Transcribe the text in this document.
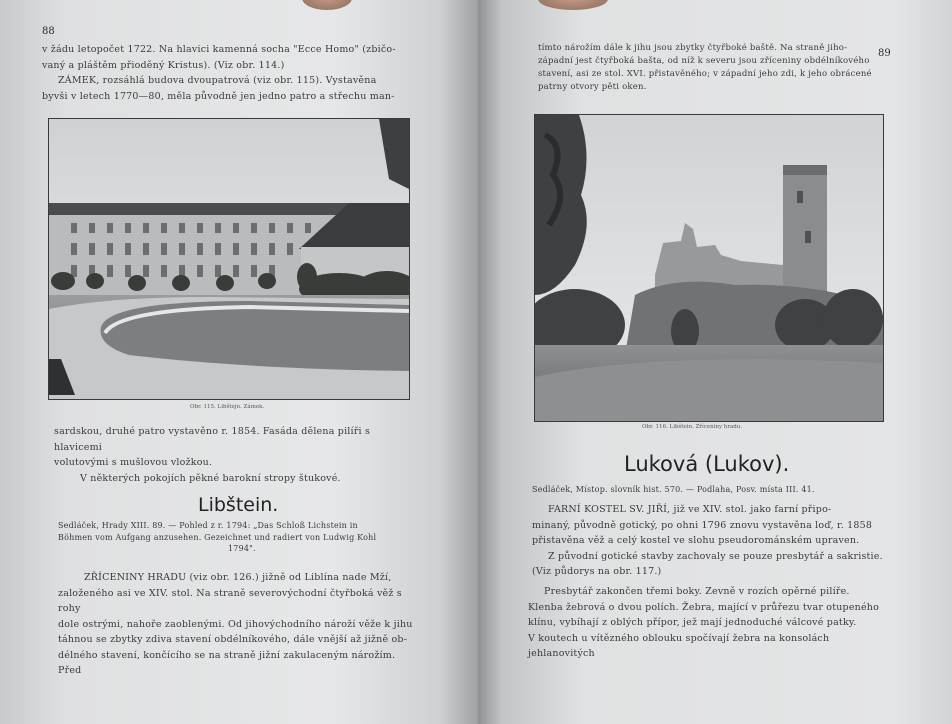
88

v žádu letopočet 1722. Na hlavici kamenná socha "Ecce Homo" (zbičo-

vaný a pláštěm přioděný Kristus). (Viz obr. 114.)

ZÁMEK, rozsáhlá budova dvoupatrová (viz obr. 115). Vystavěna

byvši v letech 1770—80, měla původně jen jedno patro a střechu man-

Obr. 115. Libštejn. Zámek.

sardskou, druhé patro vystavěno r. 1854. Fasáda dělena pilíři s hlavicemi

volutovými s mušlovou vložkou.

V některých pokojích pěkné barokní stropy štukové.

Libštein.

Sedláček, Hrady XIII. 89. — Pohled z r. 1794: „Das Schloß Lichstein in

Böhmen vom Aufgang anzusehen. Gezeichnet und radiert von Ludwig Kohl

1794".

ZŘÍCENINY HRADU (viz obr. 126.) jižně od Liblína nade Mží,

založeného asi ve XIV. stol. Na straně severovýchodní čtyřboká věž s rohy

dole ostrými, nahoře zaoblenými. Od jihovýchodního nároží věže k jihu

táhnou se zbytky zdiva stavení obdélníkového, dále vnější až jižně ob-

délného stavení, končícího se na straně jižní zakulaceným nárožím. Před

89

tímto nárožím dále k jihu jsou zbytky čtyřboké baště. Na straně jiho-

západní jest čtyřboká bašta, od níž k severu jsou zříceniny obdélníkového

stavení, asi ze stol. XVI. přistavěného; v západní jeho zdi, k jeho obrácené

patrny otvory pěti oken.

Obr. 116. Libštein. Zříceniny hradu.
Luková (Lukov).
Sedláček, Místop. slovník hist. 570. — Podlaha, Posv. místa III. 41.

FARNÍ KOSTEL SV. JIŘÍ, již ve XIV. stol. jako farní připo-

minaný, původně gotický, po ohni 1796 znovu vystavěna loď, r. 1858

přistavěna věž a celý kostel ve slohu pseudorománském upraven.

Z původní gotické stavby zachovaly se pouze presbytář a sakristie.

(Viz půdorys na obr. 117.)

Presbytář zakončen třemi boky. Zevně v rozích opěrné pilíře.

Klenba žebrová o dvou polích. Žebra, mající v průřezu tvar otupeného

klínu, vybíhají z oblých přípor, jež mají jednoduché válcové patky.

V koutech u vítězného oblouku spočívají žebra na konsolách jehlanovitých
